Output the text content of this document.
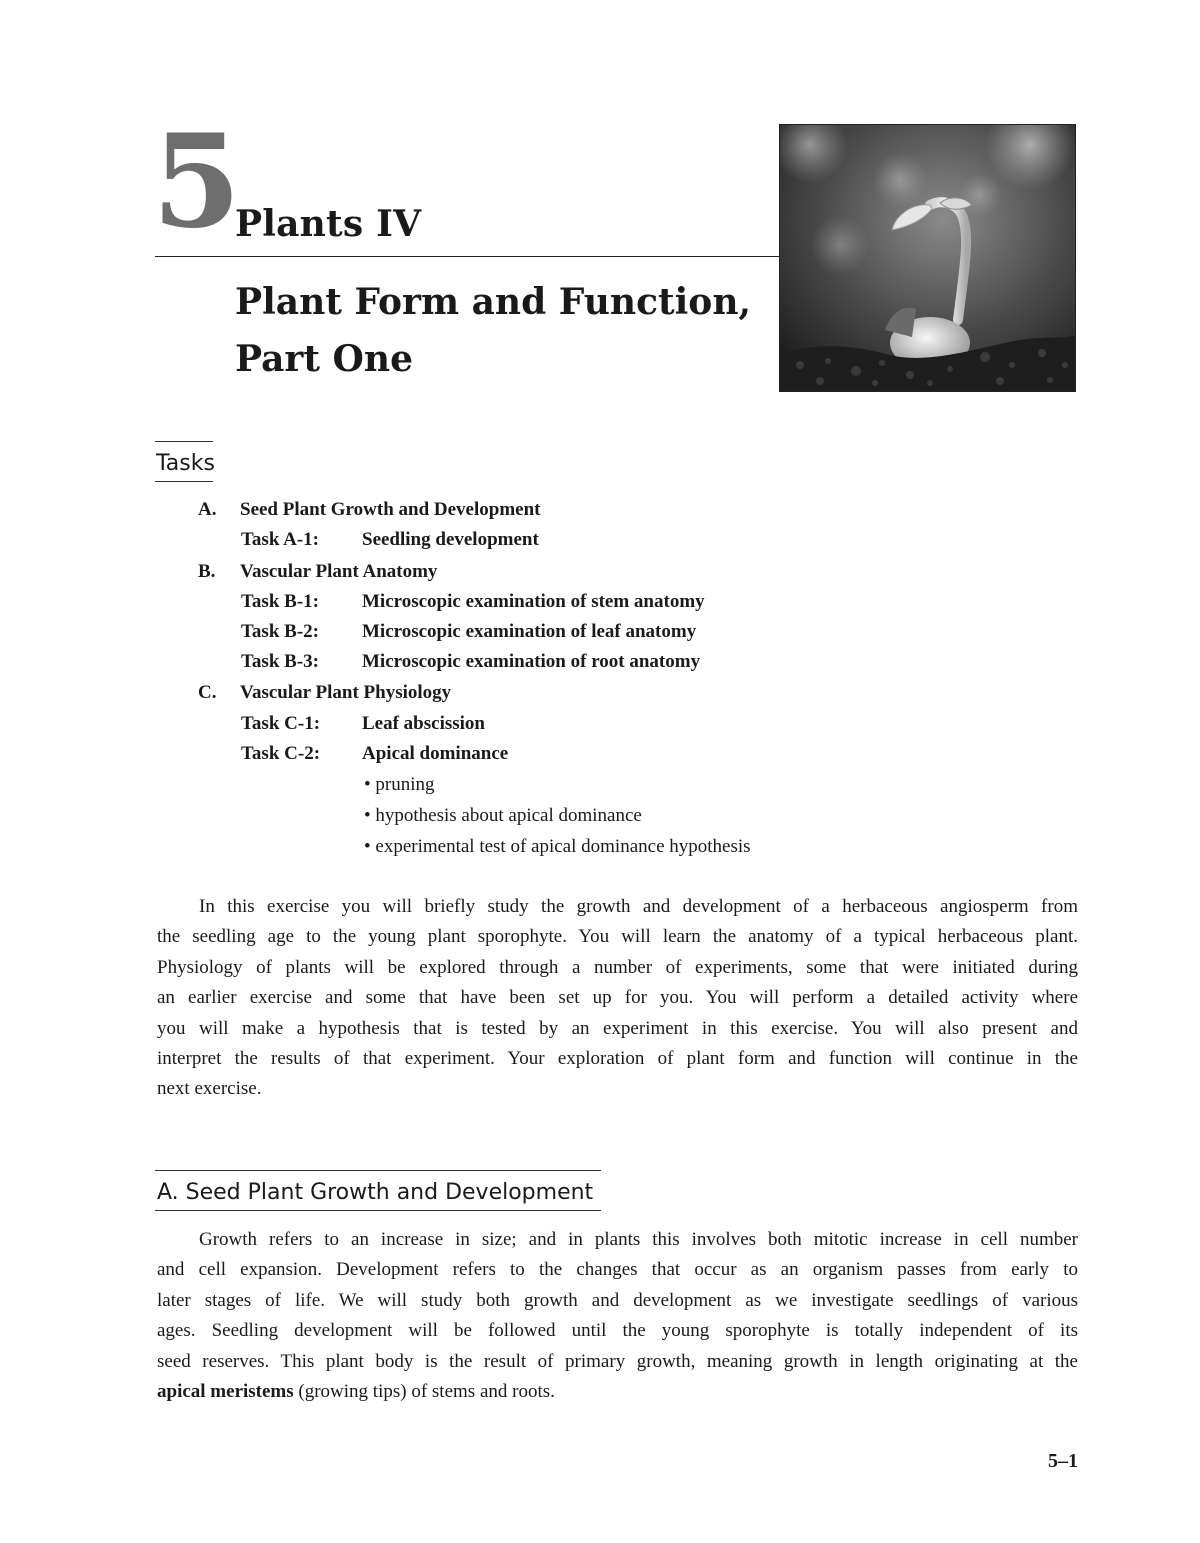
5
Plants IV
Plant Form and Function,
Part One
Tasks
A. Seed Plant Growth and Development
Task A-1: Seedling development
B. Vascular Plant Anatomy
Task B-1: Microscopic examination of stem anatomy
Task B-2: Microscopic examination of leaf anatomy
Task B-3: Microscopic examination of root anatomy
C. Vascular Plant Physiology
Task C-1: Leaf abscission
Task C-2: Apical dominance
• pruning
• hypothesis about apical dominance
• experimental test of apical dominance hypothesis
In this exercise you will briefly study the growth and development of a herbaceous angiosperm from
the seedling age to the young plant sporophyte. You will learn the anatomy of a typical herbaceous plant.
Physiology of plants will be explored through a number of experiments, some that were initiated during
an earlier exercise and some that have been set up for you. You will perform a detailed activity where
you will make a hypothesis that is tested by an experiment in this exercise. You will also present and
interpret the results of that experiment. Your exploration of plant form and function will continue in the
next exercise.
A. Seed Plant Growth and Development
Growth refers to an increase in size; and in plants this involves both mitotic increase in cell number
and cell expansion. Development refers to the changes that occur as an organism passes from early to
later stages of life. We will study both growth and development as we investigate seedlings of various
ages. Seedling development will be followed until the young sporophyte is totally independent of its
seed reserves. This plant body is the result of primary growth, meaning growth in length originating at the
apical meristems (growing tips) of stems and roots.
5–1
